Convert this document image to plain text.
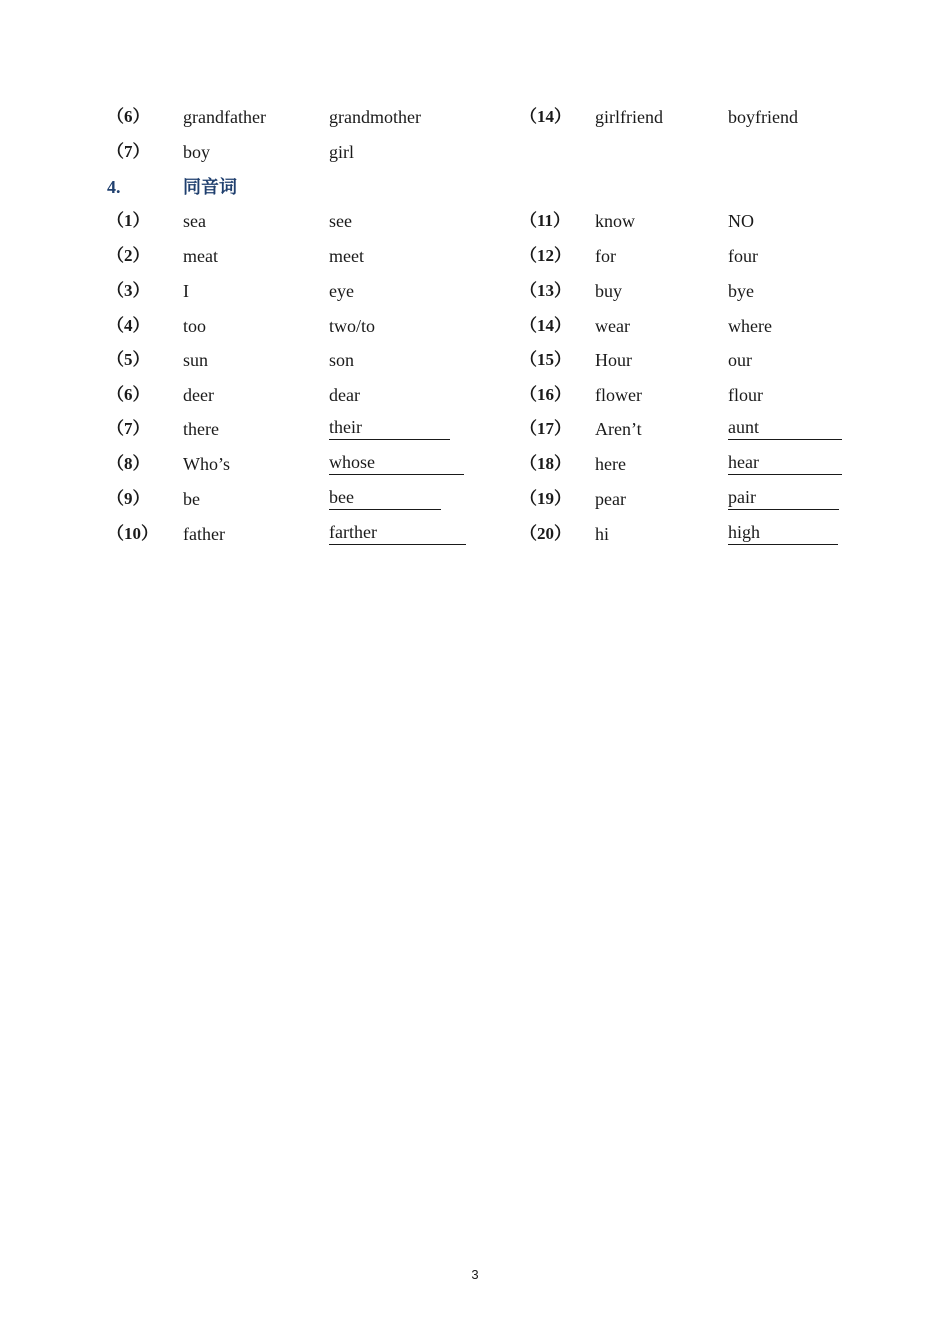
（6） grandfather	grandmother	（14） girlfriend	boyfriend
（7） boy	girl
4.	同音词
（1） sea	see	（11） know	NO
（2） meat	meet	（12） for	four
（3） I	eye	（13） buy	bye
（4） too	two/to	（14） wear	where
（5） sun	son	（15） Hour	our
（6） deer	dear	（16） flower	flour
（7） there	their	（17） Aren’t	aunt
（8） Who’s	whose	（18） here	hear
（9） be	bee	（19） pear	pair
（10） father	farther	（20） hi	high
3
